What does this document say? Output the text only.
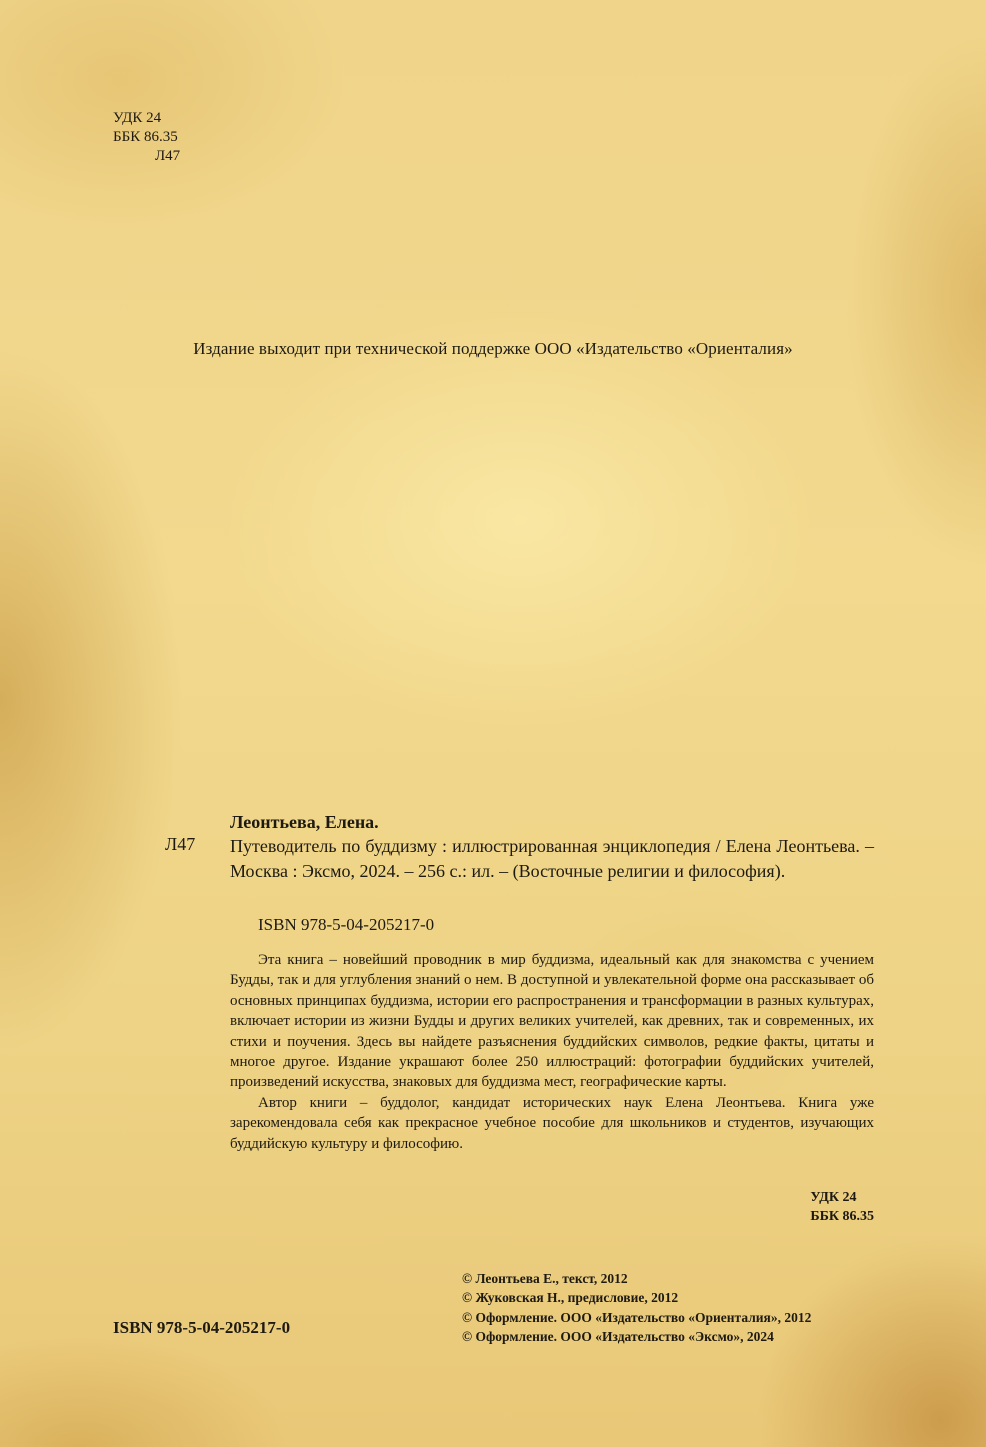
УДК 24
ББК 86.35
Л47
Издание выходит при технической поддержке ООО «Издательство «Ориенталия»
Леонтьева, Елена.
Л47 Путеводитель по буддизму : иллюстрированная энциклопедия / Елена Леонтьева. – Москва : Эксмо, 2024. – 256 с.: ил. – (Восточные религии и философия).
ISBN 978-5-04-205217-0

Эта книга – новейший проводник в мир буддизма, идеальный как для знакомства с учением Будды, так и для углубления знаний о нем. В доступной и увлекательной форме она рассказывает об основных принципах буддизма, истории его распространения и трансформации в разных культурах, включает истории из жизни Будды и других великих учителей, как древних, так и современных, их стихи и поучения. Здесь вы найдете разъяснения буддийских символов, редкие факты, цитаты и многое другое. Издание украшают более 250 иллюстраций: фотографии буддийских учителей, произведений искусства, знаковых для буддизма мест, географические карты.

Автор книги – буддолог, кандидат исторических наук Елена Леонтьева. Книга уже зарекомендовала себя как прекрасное учебное пособие для школьников и студентов, изучающих буддийскую культуру и философию.

УДК 24
ББК 86.35
© Леонтьева Е., текст, 2012
© Жуковская Н., предисловие, 2012
© Оформление. ООО «Издательство «Ориенталия», 2012
© Оформление. ООО «Издательство «Эксмо», 2024
ISBN 978-5-04-205217-0
